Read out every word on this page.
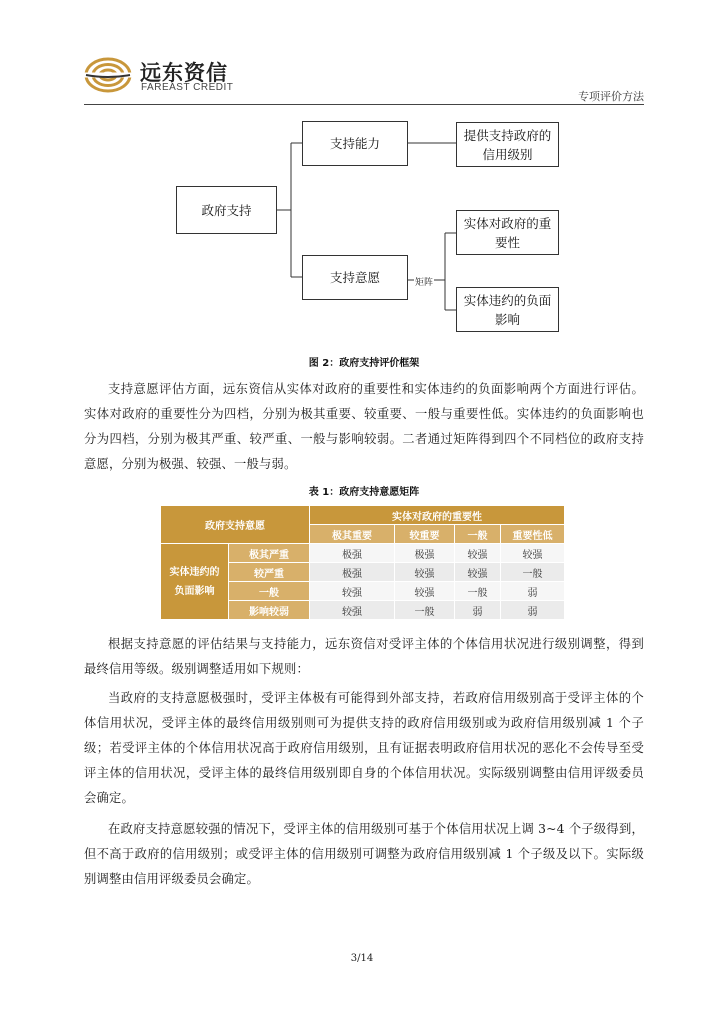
远东资信
FAREAST CREDIT
专项评价方法
政府支持
支持能力
支持意愿
提供支持政府的信用级别
实体对政府的重要性
实体违约的负面影响
矩阵
图 2：政府支持评价框架
支持意愿评估方面，远东资信从实体对政府的重要性和实体违约的负面影响两个方面进行评估。实体对政府的重要性分为四档，分别为极其重要、较重要、一般与重要性低。实体违约的负面影响也分为四档，分别为极其严重、较严重、一般与影响较弱。二者通过矩阵得到四个不同档位的政府支持意愿，分别为极强、较强、一般与弱。
表 1：政府支持意愿矩阵
政府支持意愿		实体对政府的重要性			
		极其重要	较重要	一般	重要性低
实体违约的负面影响	极其严重	极强	极强	较强	较强
	较严重	极强	较强	较强	一般
	一般	较强	较强	一般	弱
	影响较弱	较强	一般	弱	弱
根据支持意愿的评估结果与支持能力，远东资信对受评主体的个体信用状况进行级别调整，得到最终信用等级。级别调整适用如下规则：
当政府的支持意愿极强时，受评主体极有可能得到外部支持，若政府信用级别高于受评主体的个体信用状况，受评主体的最终信用级别则可为提供支持的政府信用级别或为政府信用级别减 1 个子级；若受评主体的个体信用状况高于政府信用级别，且有证据表明政府信用状况的恶化不会传导至受评主体的信用状况，受评主体的最终信用级别即自身的个体信用状况。实际级别调整由信用评级委员会确定。
在政府支持意愿较强的情况下，受评主体的信用级别可基于个体信用状况上调 3~4 个子级得到，但不高于政府的信用级别；或受评主体的信用级别可调整为政府信用级别减 1 个子级及以下。实际级别调整由信用评级委员会确定。
3/14
